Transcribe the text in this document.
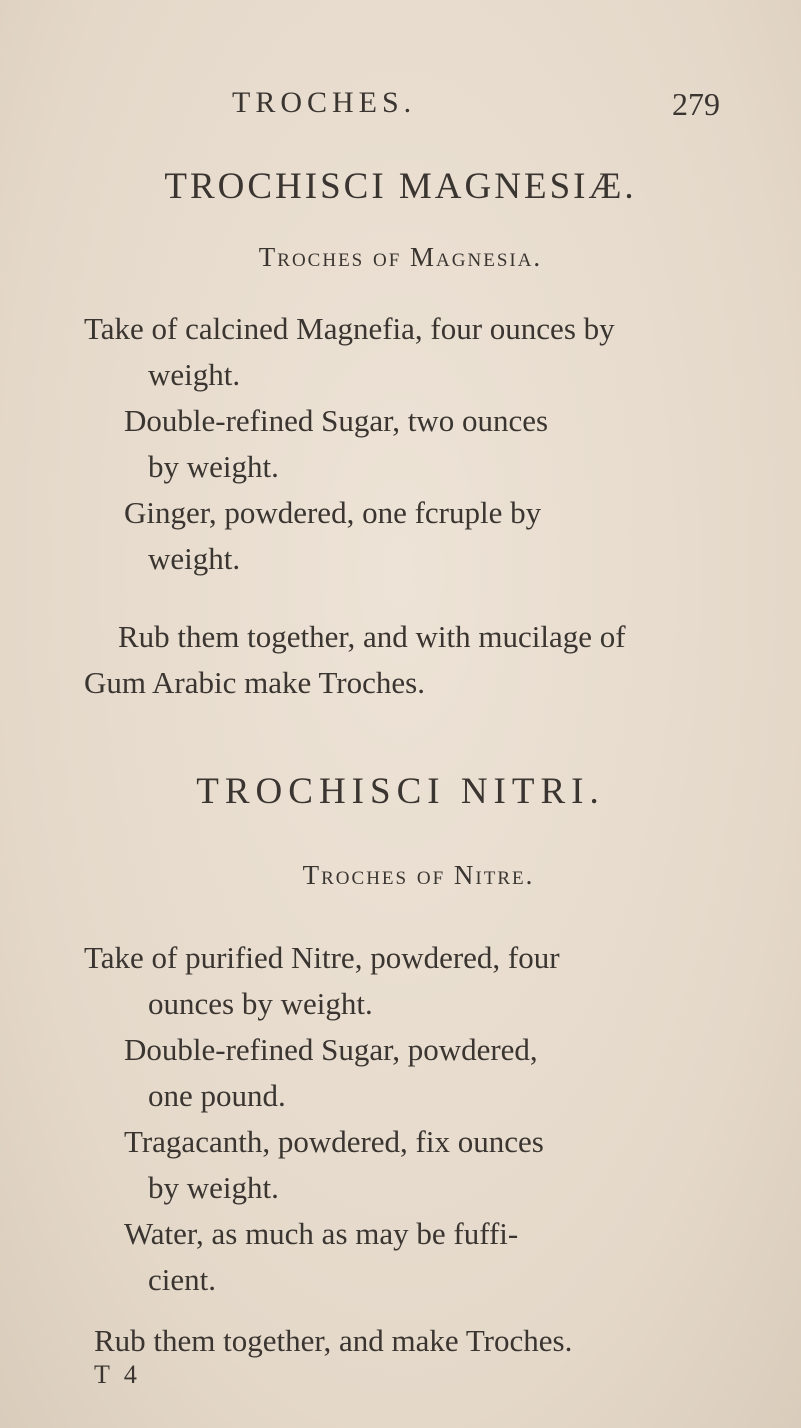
TROCHES.	279
TROCHISCI MAGNESIÆ.
Troches of Magnesia.
Take of calcined Magnefia, four ounces by
weight.
Double-refined Sugar, two ounces
by weight.
Ginger, powdered, one fcruple by
weight.
Rub them together, and with mucilage of
Gum Arabic make Troches.
TROCHISCI NITRI.
Troches of Nitre.
Take of purified Nitre, powdered, four
ounces by weight.
Double-refined Sugar, powdered,
one pound.
Tragacanth, powdered, fix ounces
by weight.
Water, as much as may be fuffi-
cient.
Rub them together, and make Troches.
T 4
